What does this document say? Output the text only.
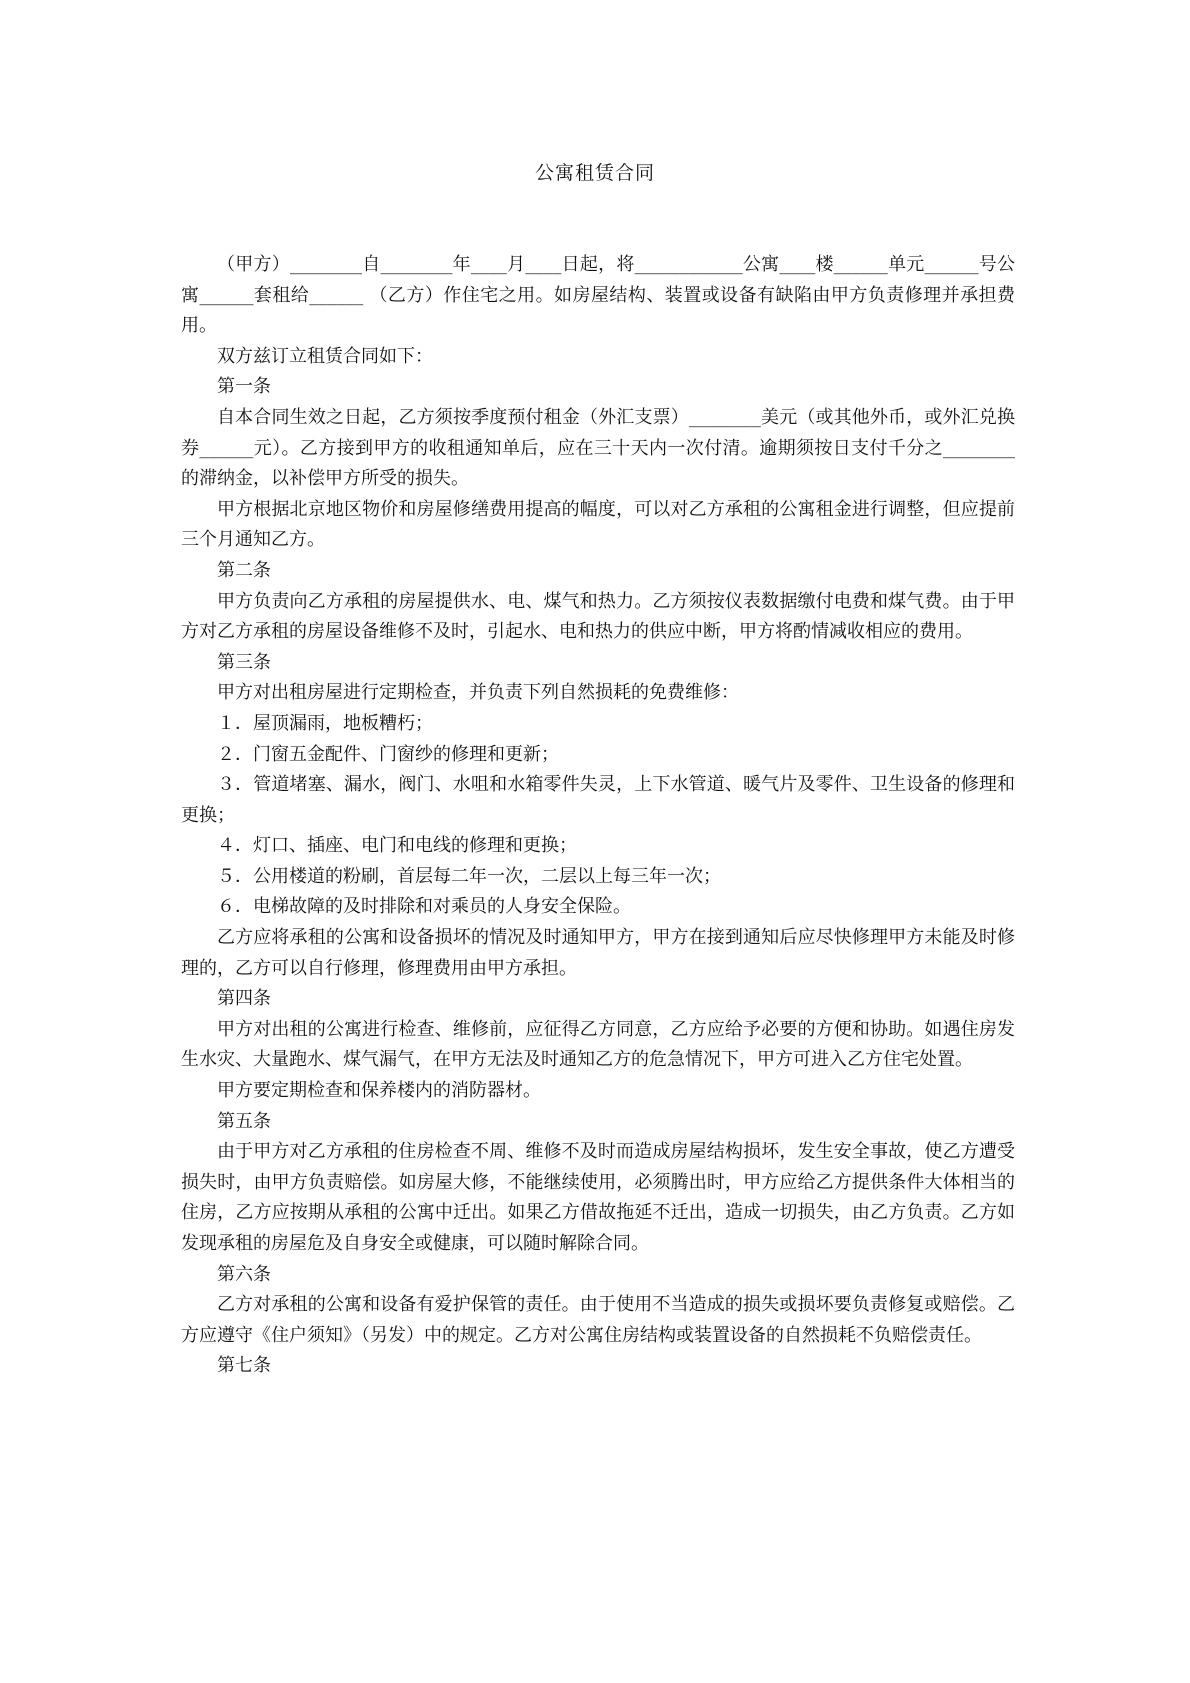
公寓租赁合同

（甲方）________自________年____月____日起，将____________公寓____楼______单元______号公寓______套租给______ （乙方）作住宅之用。如房屋结构、装置或设备有缺陷由甲方负责修理并承担费用。

双方兹订立租赁合同如下：

第一条

自本合同生效之日起，乙方须按季度预付租金（外汇支票）________美元（或其他外币，或外汇兑换券______元）。乙方接到甲方的收租通知单后，应在三十天内一次付清。逾期须按日支付千分之________的滞纳金，以补偿甲方所受的损失。

甲方根据北京地区物价和房屋修缮费用提高的幅度，可以对乙方承租的公寓租金进行调整，但应提前三个月通知乙方。

第二条

甲方负责向乙方承租的房屋提供水、电、煤气和热力。乙方须按仪表数据缴付电费和煤气费。由于甲方对乙方承租的房屋设备维修不及时，引起水、电和热力的供应中断，甲方将酌情减收相应的费用。

第三条

甲方对出租房屋进行定期检查，并负责下列自然损耗的免费维修：

１．屋顶漏雨，地板糟朽；

２．门窗五金配件、门窗纱的修理和更新；

３．管道堵塞、漏水，阀门、水咀和水箱零件失灵，上下水管道、暖气片及零件、卫生设备的修理和更换；

４．灯口、插座、电门和电线的修理和更换；

５．公用楼道的粉刷，首层每二年一次，二层以上每三年一次；

６．电梯故障的及时排除和对乘员的人身安全保险。

乙方应将承租的公寓和设备损坏的情况及时通知甲方，甲方在接到通知后应尽快修理甲方未能及时修理的，乙方可以自行修理，修理费用由甲方承担。

第四条

甲方对出租的公寓进行检查、维修前，应征得乙方同意，乙方应给予必要的方便和协助。如遇住房发生水灾、大量跑水、煤气漏气，在甲方无法及时通知乙方的危急情况下，甲方可进入乙方住宅处置。

甲方要定期检查和保养楼内的消防器材。

第五条

由于甲方对乙方承租的住房检查不周、维修不及时而造成房屋结构损坏，发生安全事故，使乙方遭受损失时，由甲方负责赔偿。如房屋大修，不能继续使用，必须腾出时，甲方应给乙方提供条件大体相当的住房，乙方应按期从承租的公寓中迁出。如果乙方借故拖延不迁出，造成一切损失，由乙方负责。乙方如发现承租的房屋危及自身安全或健康，可以随时解除合同。

第六条

乙方对承租的公寓和设备有爱护保管的责任。由于使用不当造成的损失或损坏要负责修复或赔偿。乙方应遵守《住户须知》（另发）中的规定。乙方对公寓住房结构或装置设备的自然损耗不负赔偿责任。

第七条
